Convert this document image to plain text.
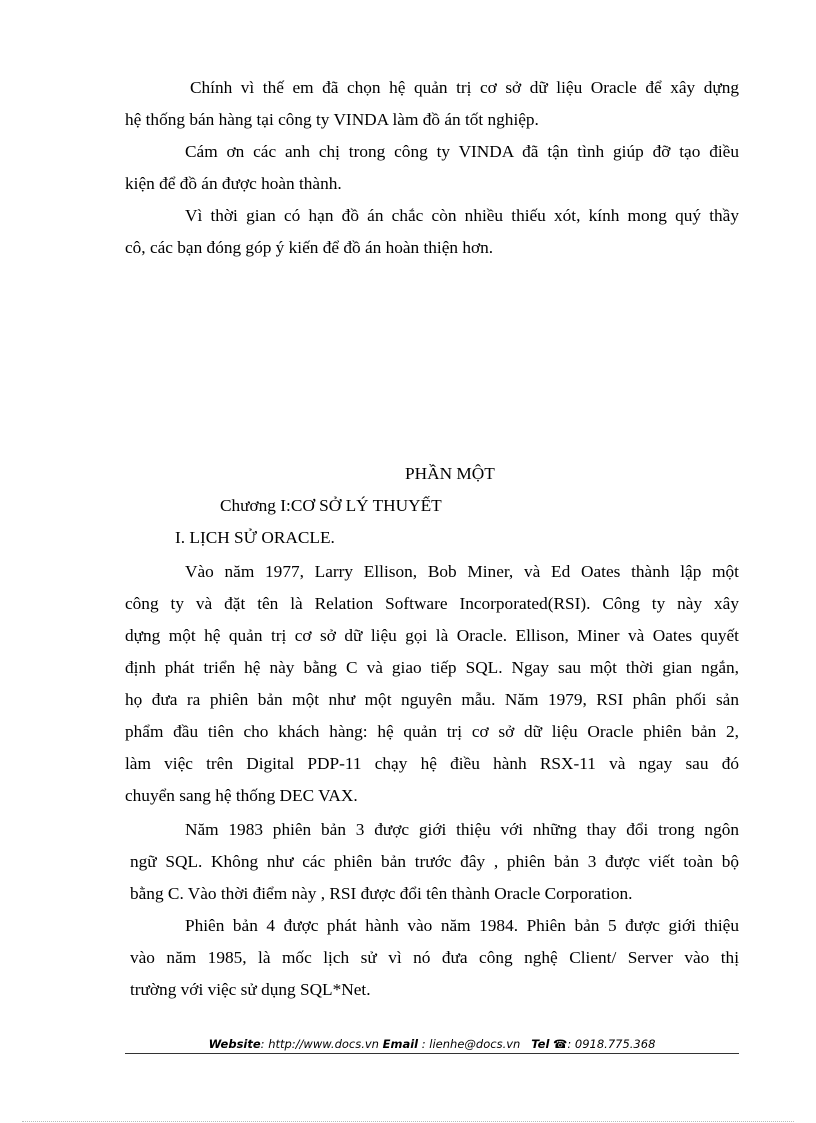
Chính vì thế em đã chọn hệ quản trị cơ sở dữ liệu Oracle để xây dựng
hệ thống bán hàng tại công ty VINDA làm đồ án tốt nghiệp.
Cám ơn các anh chị trong công ty VINDA đã tận tình giúp đỡ tạo điều
kiện để đồ án được hoàn thành.
Vì thời gian có hạn đồ án chắc còn nhiều thiếu xót, kính mong quý thầy
cô, các bạn đóng góp ý kiến để đồ án hoàn thiện hơn.
PHẦN MỘT
Chương I:CƠ SỞ LÝ THUYẾT
I. LỊCH SỬ ORACLE.
Vào năm 1977, Larry Ellison, Bob Miner, và Ed Oates thành lập một
công ty và đặt tên là Relation Software Incorporated(RSI). Công ty này xây
dựng một hệ quản trị cơ sở dữ liệu gọi là Oracle. Ellison, Miner và Oates quyết
định phát triển hệ này bằng C và giao tiếp SQL. Ngay sau một thời gian ngắn,
họ đưa ra phiên bản một như một nguyên mẫu. Năm 1979, RSI phân phối sản
phẩm đầu tiên cho khách hàng: hệ quản trị cơ sở dữ liệu Oracle phiên bản 2,
làm việc trên Digital PDP-11 chạy hệ điều hành RSX-11 và ngay sau đó
chuyển sang hệ thống DEC VAX.
Năm 1983 phiên bản 3 được giới thiệu với những thay đổi trong ngôn
ngữ SQL. Không như các phiên bản trước đây , phiên bản 3 được viết toàn bộ
bằng C. Vào thời điểm này , RSI được đổi tên thành Oracle Corporation.
Phiên bản 4 được phát hành vào năm 1984. Phiên bản 5 được giới thiệu
vào năm 1985, là mốc lịch sử vì nó đưa công nghệ Client/ Server vào thị
trường với việc sử dụng SQL*Net.
Website: http://www.docs.vn Email : lienhe@docs.vn Tel ☎: 0918.775.368
